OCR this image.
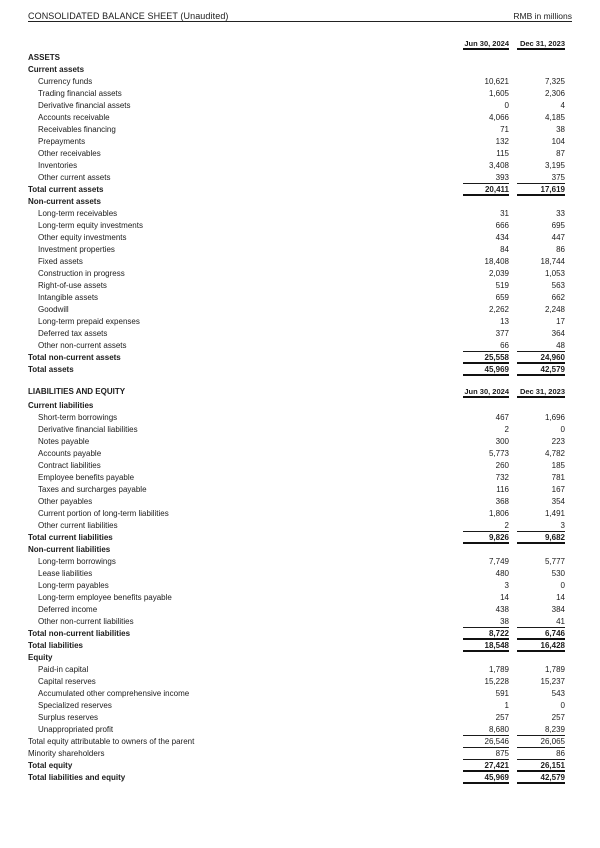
CONSOLIDATED BALANCE SHEET (Unaudited)	RMB in millions
Jun 30, 2024	Dec 31, 2023
ASSETS
Current assets
Currency funds	10,621	7,325
Trading financial assets	1,605	2,306
Derivative financial assets	0	4
Accounts receivable	4,066	4,185
Receivables financing	71	38
Prepayments	132	104
Other receivables	115	87
Inventories	3,408	3,195
Other current assets	393	375
Total current assets	20,411	17,619
Non-current assets
Long-term receivables	31	33
Long-term equity investments	666	695
Other equity investments	434	447
Investment properties	84	86
Fixed assets	18,408	18,744
Construction in progress	2,039	1,053
Right-of-use assets	519	563
Intangible assets	659	662
Goodwill	2,262	2,248
Long-term prepaid expenses	13	17
Deferred tax assets	377	364
Other non-current assets	66	48
Total non-current assets	25,558	24,960
Total assets	45,969	42,579
LIABILITIES AND EQUITY	Jun 30, 2024	Dec 31, 2023
Current liabilities
Short-term borrowings	467	1,696
Derivative financial liabilities	2	0
Notes payable	300	223
Accounts payable	5,773	4,782
Contract liabilities	260	185
Employee benefits payable	732	781
Taxes and surcharges payable	116	167
Other payables	368	354
Current portion of long-term liabilities	1,806	1,491
Other current liabilities	2	3
Total current liabilities	9,826	9,682
Non-current liabilities
Long-term borrowings	7,749	5,777
Lease liabilities	480	530
Long-term payables	3	0
Long-term employee benefits payable	14	14
Deferred income	438	384
Other non-current liabilities	38	41
Total non-current liabilities	8,722	6,746
Total liabilities	18,548	16,428
Equity
Paid-in capital	1,789	1,789
Capital reserves	15,228	15,237
Accumulated other comprehensive income	591	543
Specialized reserves	1	0
Surplus reserves	257	257
Unappropriated profit	8,680	8,239
Total equity attributable to owners of the parent	26,546	26,065
Minority shareholders	875	86
Total equity	27,421	26,151
Total liabilities and equity	45,969	42,579
